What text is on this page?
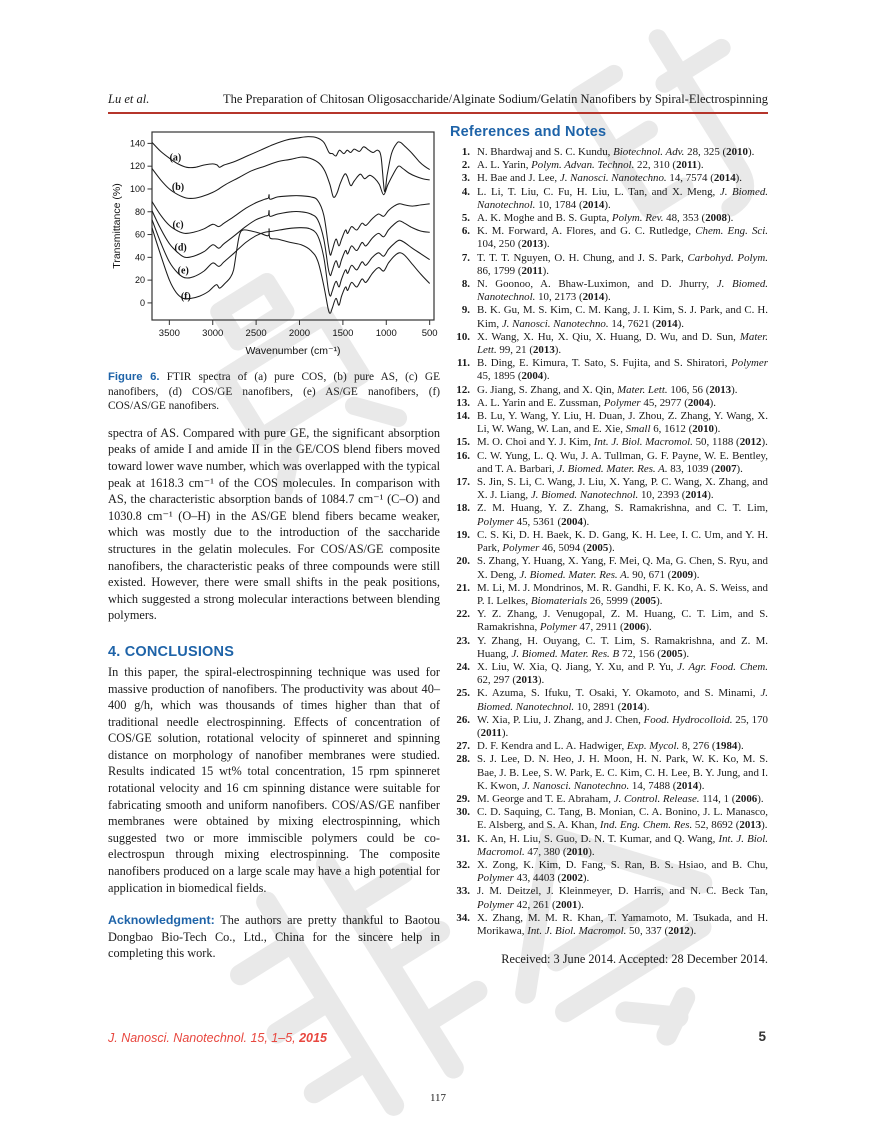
Lu et al.	The Preparation of Chitosan Oligosaccharide/Alginate Sodium/Gelatin Nanofibers by Spiral-Electrospinning
0
20
40
60
80
100
120
140
3500 3000 2500 2000 1500 1000	500
Wavenumber (cm⁻¹)
Transmittance (%)
(a)
(b)
(c)
(d)
(e)
(f)
Figure 6. FTIR spectra of (a) pure COS, (b) pure AS, (c) GE nanofibers, (d) COS/GE nanofibers, (e) AS/GE nanofibers, (f) COS/AS/GE nanofibers.

spectra of AS. Compared with pure GE, the significant absorption peaks of amide I and amide II in the GE/COS blend fibers moved toward lower wave number, which was overlapped with the typical peak at 1618.3 cm⁻¹ of the COS molecules. In comparison with AS, the characteristic absorption bands of 1084.7 cm⁻¹ (C–O) and 1030.8 cm⁻¹ (O–H) in the AS/GE blend fibers became weaker, which was mostly due to the introduction of the saccharide structures in the gelatin molecules. For COS/AS/GE composite nanofibers, the characteristic peaks of three compounds were still existed. However, there were small shifts in the peak positions, which suggested a strong molecular interactions between blending polymers.

4. CONCLUSIONS

In this paper, the spiral-electrospinning technique was used for massive production of nanofibers. The productivity was about 40–400 g/h, which was thousands of times higher than that of traditional needle electrospinning. Effects of concentration of COS/GE solution, rotational velocity of spinneret and spinning distance on morphology of nanofiber membranes were studied. Results indicated 15 wt% total concentration, 15 rpm spinneret rotational velocity and 16 cm spinning distance were suitable for fabricating smooth and uniform nanofibers. COS/AS/GE nanfiber membranes were obtained by mixing electrospinning, which suggested two or more immiscible polymers could be co-electrospun through mixing electrospinning. The composite nanofibers produced on a large scale may have a high potential for application in biomedical fields.

Acknowledgment: The authors are pretty thankful to Baotou Dongbao Bio-Tech Co., Ltd., China for the sincere help in completing this work.

References and Notes
1. N. Bhardwaj and S. C. Kundu, Biotechnol. Adv. 28, 325 (2010).
2. A. L. Yarin, Polym. Advan. Technol. 22, 310 (2011).
3. H. Bae and J. Lee, J. Nanosci. Nanotechno. 14, 7574 (2014).
4. L. Li, T. Liu, C. Fu, H. Liu, L. Tan, and X. Meng, J. Biomed. Nanotechnol. 10, 1784 (2014).
5. A. K. Moghe and B. S. Gupta, Polym. Rev. 48, 353 (2008).
6. K. M. Forward, A. Flores, and G. C. Rutledge, Chem. Eng. Sci. 104, 250 (2013).
7. T. T. T. Nguyen, O. H. Chung, and J. S. Park, Carbohyd. Polym. 86, 1799 (2011).
8. N. Goonoo, A. Bhaw-Luximon, and D. Jhurry, J. Biomed. Nanotechnol. 10, 2173 (2014).
9. B. K. Gu, M. S. Kim, C. M. Kang, J. I. Kim, S. J. Park, and C. H. Kim, J. Nanosci. Nanotechno. 14, 7621 (2014).
10. X. Wang, X. Hu, X. Qiu, X. Huang, D. Wu, and D. Sun, Mater. Lett. 99, 21 (2013).
11. B. Ding, E. Kimura, T. Sato, S. Fujita, and S. Shiratori, Polymer 45, 1895 (2004).
12. G. Jiang, S. Zhang, and X. Qin, Mater. Lett. 106, 56 (2013).
13. A. L. Yarin and E. Zussman, Polymer 45, 2977 (2004).
14. B. Lu, Y. Wang, Y. Liu, H. Duan, J. Zhou, Z. Zhang, Y. Wang, X. Li, W. Wang, W. Lan, and E. Xie, Small 6, 1612 (2010).
15. M. O. Choi and Y. J. Kim, Int. J. Biol. Macromol. 50, 1188 (2012).
16. C. W. Yung, L. Q. Wu, J. A. Tullman, G. F. Payne, W. E. Bentley, and T. A. Barbari, J. Biomed. Mater. Res. A. 83, 1039 (2007).
17. S. Jin, S. Li, C. Wang, J. Liu, X. Yang, P. C. Wang, X. Zhang, and X. J. Liang, J. Biomed. Nanotechnol. 10, 2393 (2014).
18. Z. M. Huang, Y. Z. Zhang, S. Ramakrishna, and C. T. Lim, Polymer 45, 5361 (2004).
19. C. S. Ki, D. H. Baek, K. D. Gang, K. H. Lee, I. C. Um, and Y. H. Park, Polymer 46, 5094 (2005).
20. S. Zhang, Y. Huang, X. Yang, F. Mei, Q. Ma, G. Chen, S. Ryu, and X. Deng, J. Biomed. Mater. Res. A. 90, 671 (2009).
21. M. Li, M. J. Mondrinos, M. R. Gandhi, F. K. Ko, A. S. Weiss, and P. I. Lelkes, Biomaterials 26, 5999 (2005).
22. Y. Z. Zhang, J. Venugopal, Z. M. Huang, C. T. Lim, and S. Ramakrishna, Polymer 47, 2911 (2006).
23. Y. Zhang, H. Ouyang, C. T. Lim, S. Ramakrishna, and Z. M. Huang, J. Biomed. Mater. Res. B 72, 156 (2005).
24. X. Liu, W. Xia, Q. Jiang, Y. Xu, and P. Yu, J. Agr. Food. Chem. 62, 297 (2013).
25. K. Azuma, S. Ifuku, T. Osaki, Y. Okamoto, and S. Minami, J. Biomed. Nanotechnol. 10, 2891 (2014).
26. W. Xia, P. Liu, J. Zhang, and J. Chen, Food. Hydrocolloid. 25, 170 (2011).
27. D. F. Kendra and L. A. Hadwiger, Exp. Mycol. 8, 276 (1984).
28. S. J. Lee, D. N. Heo, J. H. Moon, H. N. Park, W. K. Ko, M. S. Bae, J. B. Lee, S. W. Park, E. C. Kim, C. H. Lee, B. Y. Jung, and I. K. Kwon, J. Nanosci. Nanotechno. 14, 7488 (2014).
29. M. George and T. E. Abraham, J. Control. Release. 114, 1 (2006).
30. C. D. Saquing, C. Tang, B. Monian, C. A. Bonino, J. L. Manasco, E. Alsberg, and S. A. Khan, Ind. Eng. Chem. Res. 52, 8692 (2013).
31. K. An, H. Liu, S. Guo, D. N. T. Kumar, and Q. Wang, Int. J. Biol. Macromol. 47, 380 (2010).
32. X. Zong, K. Kim, D. Fang, S. Ran, B. S. Hsiao, and B. Chu, Polymer 43, 4403 (2002).
33. J. M. Deitzel, J. Kleinmeyer, D. Harris, and N. C. Beck Tan, Polymer 42, 261 (2001).
34. X. Zhang, M. M. R. Khan, T. Yamamoto, M. Tsukada, and H. Morikawa, Int. J. Biol. Macromol. 50, 337 (2012).
Received: 3 June 2014. Accepted: 28 December 2014.
J. Nanosci. Nanotechnol. 15, 1–5, 2015	5
117
